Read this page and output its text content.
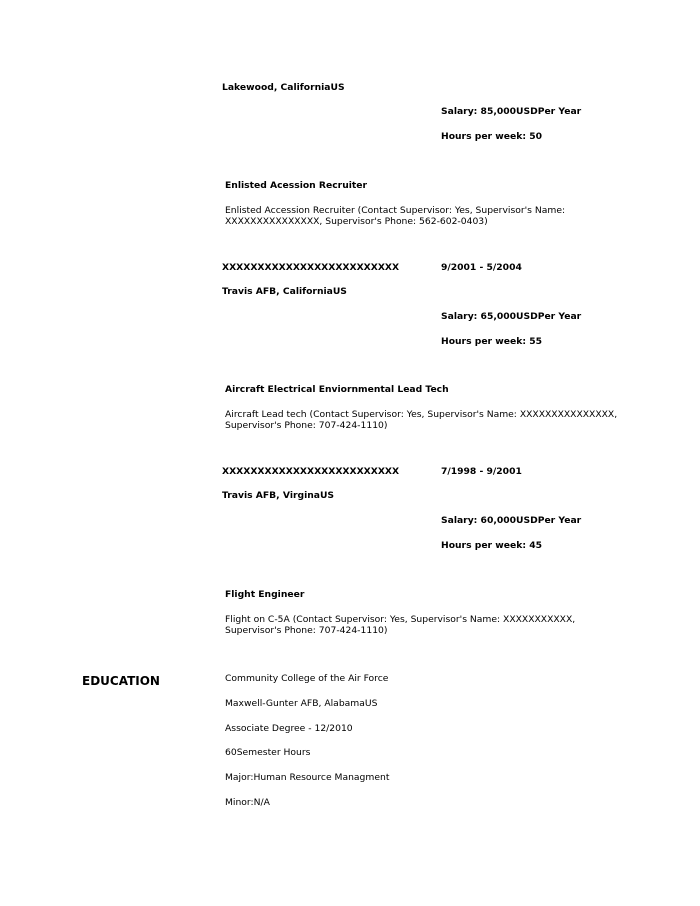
Lakewood, CaliforniaUS
Salary: 85,000USDPer Year
Hours per week: 50
Enlisted Acession Recruiter
Enlisted Accession Recruiter (Contact Supervisor: Yes, Supervisor's Name: XXXXXXXXXXXXXXX, Supervisor's Phone: 562-602-0403)
XXXXXXXXXXXXXXXXXXXXXXXXX	9/2001 - 5/2004
Travis AFB, CaliforniaUS
Salary: 65,000USDPer Year
Hours per week: 55
Aircraft Electrical Enviornmental Lead Tech
Aircraft Lead tech (Contact Supervisor: Yes, Supervisor's Name: XXXXXXXXXXXXXXX, Supervisor's Phone: 707-424-1110)
XXXXXXXXXXXXXXXXXXXXXXXXX	7/1998 - 9/2001
Travis AFB, VirginaUS
Salary: 60,000USDPer Year
Hours per week: 45
Flight Engineer
Flight on C-5A (Contact Supervisor: Yes, Supervisor's Name: XXXXXXXXXXX, Supervisor's Phone: 707-424-1110)
EDUCATION	Community College of the Air Force
Maxwell-Gunter AFB, AlabamaUS
Associate Degree - 12/2010
60Semester Hours
Major:Human Resource Managment
Minor:N/A
